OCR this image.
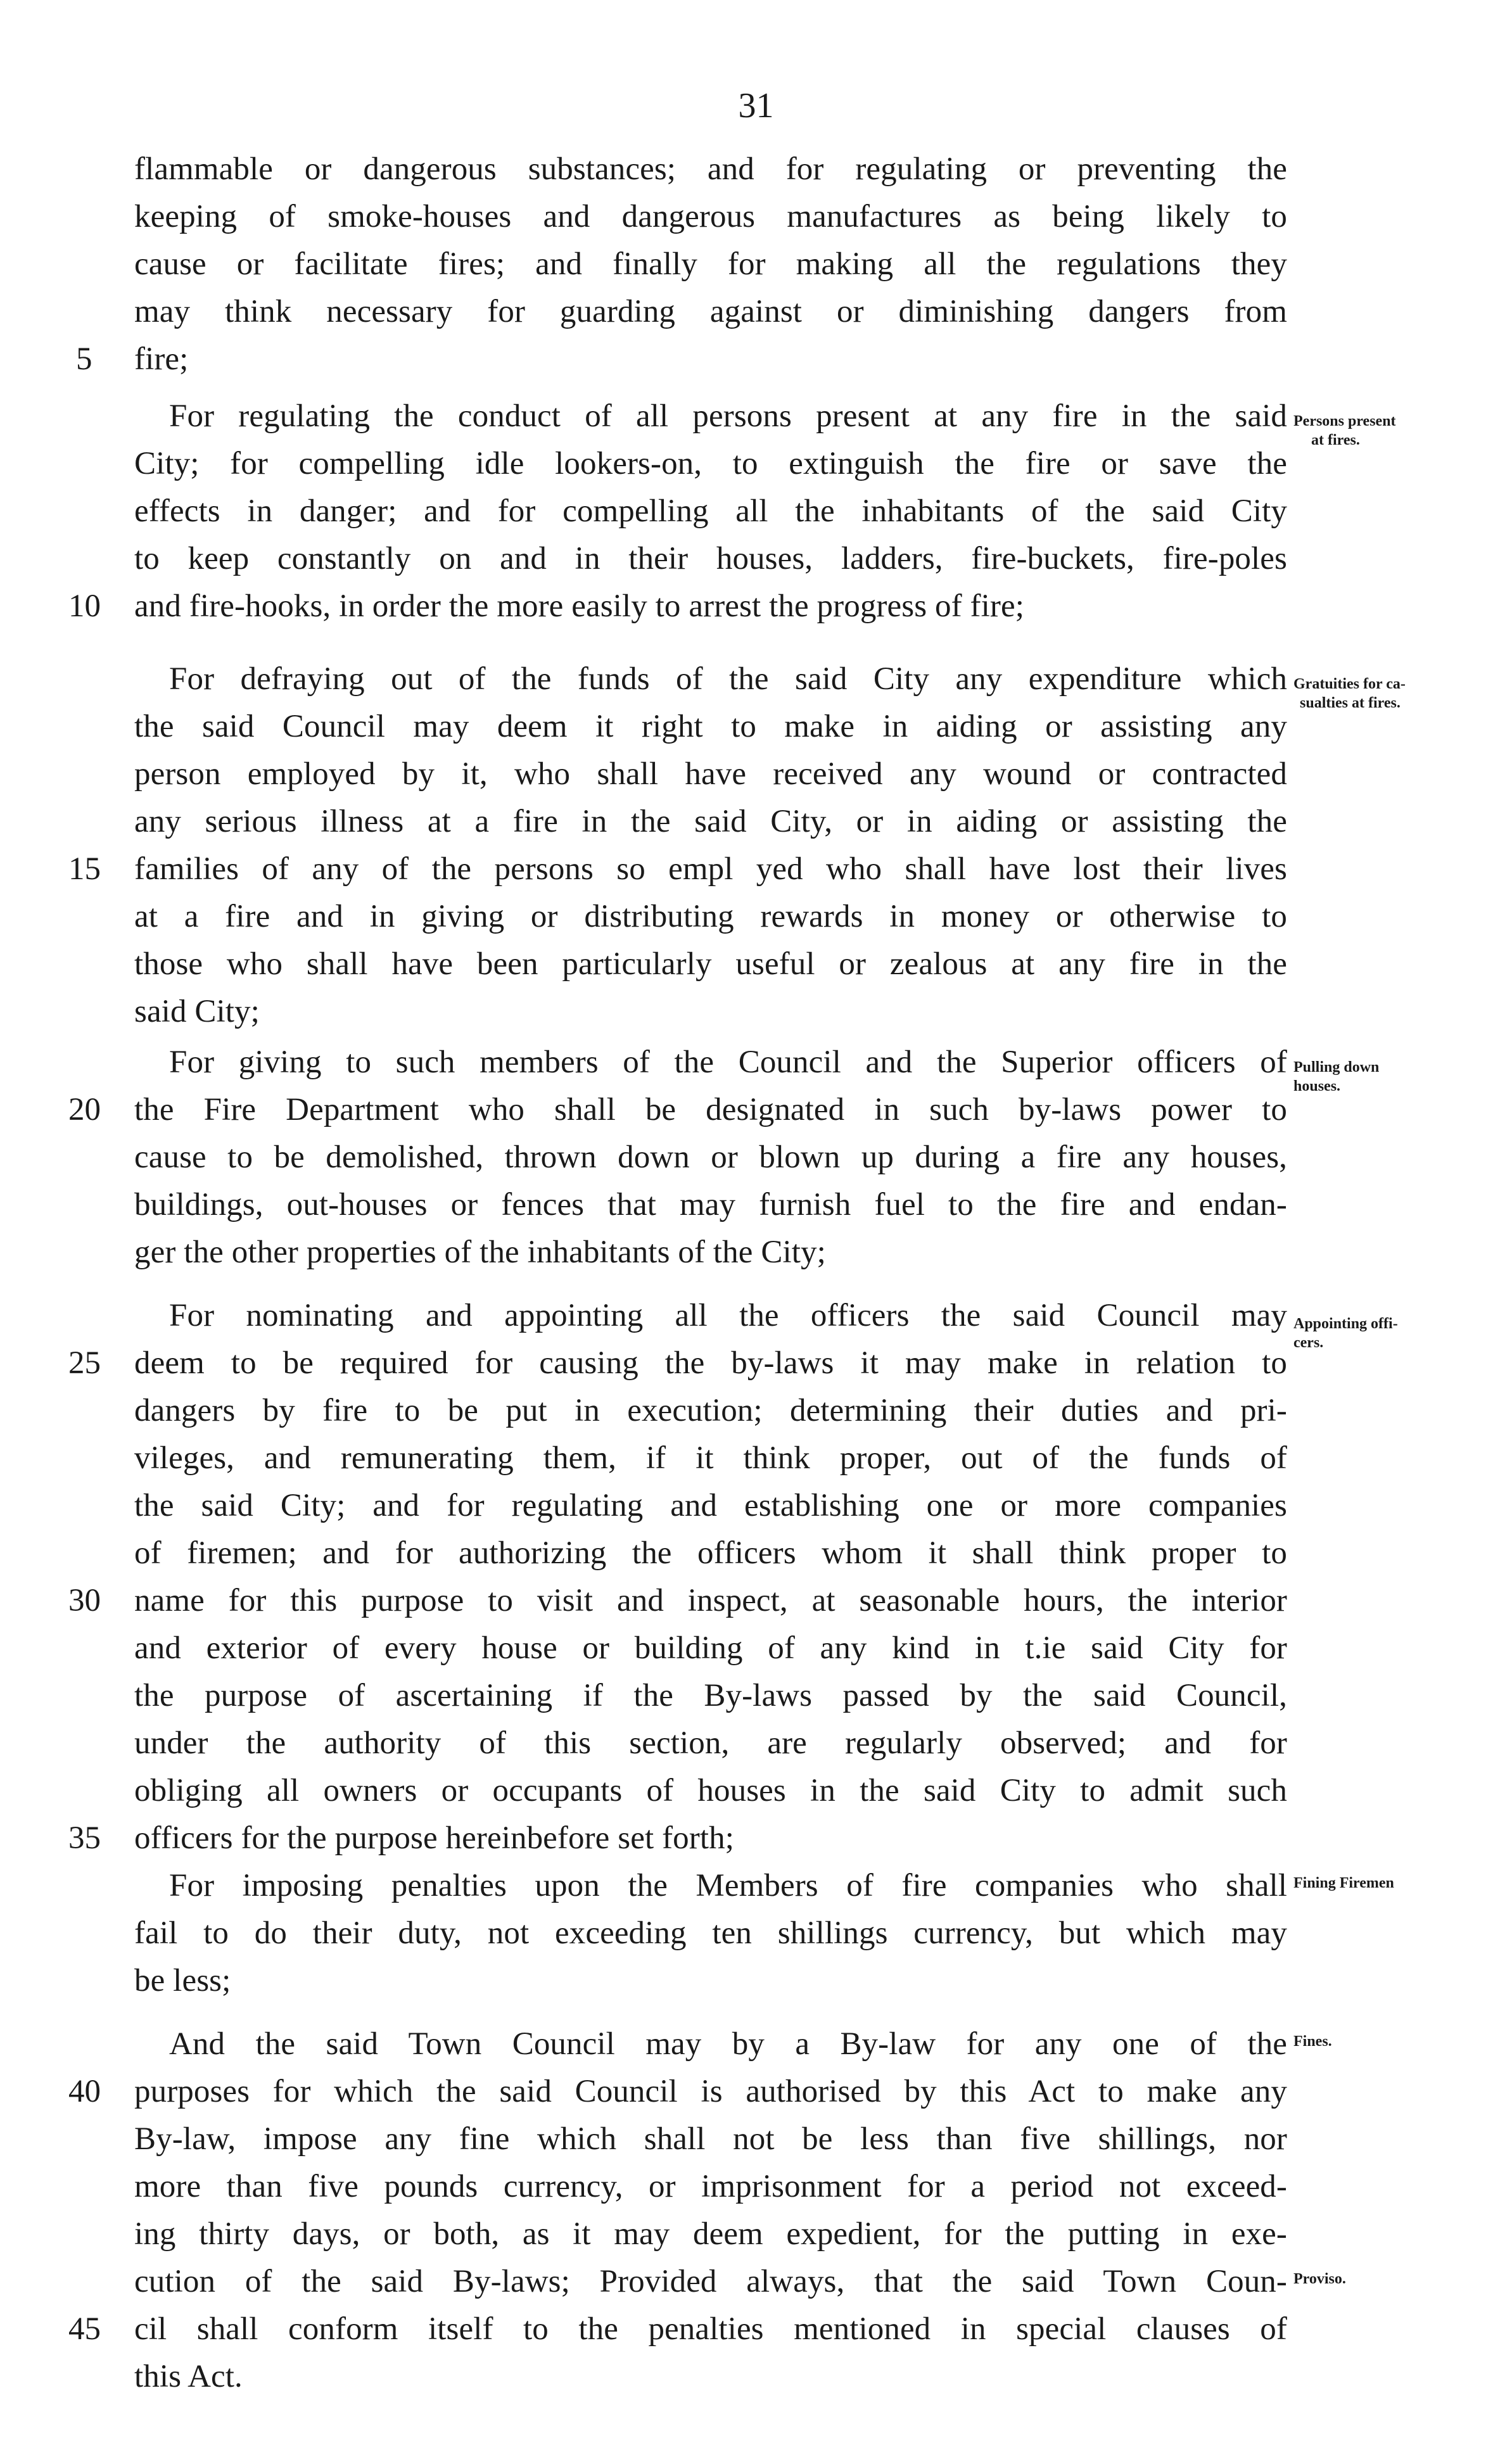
31
flammable or dangerous substances; and for regulating or preventing the
keeping of smoke-houses and dangerous manufactures as being likely to
cause or facilitate fires; and finally for making all the regulations they
may think necessary for guarding against or diminishing dangers from
fire;
For regulating the conduct of all persons present at any fire in the said
City; for compelling idle lookers-on, to extinguish the fire or save the
effects in danger; and for compelling all the inhabitants of the said City
to keep constantly on and in their houses, ladders, fire-buckets, fire-poles
and fire-hooks, in order the more easily to arrest the progress of fire;
For defraying out of the funds of the said City any expenditure which
the said Council may deem it right to make in aiding or assisting any
person employed by it, who shall have received any wound or contracted
any serious illness at a fire in the said City, or in aiding or assisting the
families of any of the persons so empl yed who shall have lost their lives
at a fire and in giving or distributing rewards in money or otherwise to
those who shall have been particularly useful or zealous at any fire in the
said City;
For giving to such members of the Council and the Superior officers of
the Fire Department who shall be designated in such by-laws power to
cause to be demolished, thrown down or blown up during a fire any houses,
buildings, out-houses or fences that may furnish fuel to the fire and endan-
ger the other properties of the inhabitants of the City;
For nominating and appointing all the officers the said Council may
deem to be required for causing the by-laws it may make in relation to
dangers by fire to be put in execution; determining their duties and pri-
vileges, and remunerating them, if it think proper, out of the funds of
the said City; and for regulating and establishing one or more companies
of firemen; and for authorizing the officers whom it shall think proper to
name for this purpose to visit and inspect, at seasonable hours, the interior
and exterior of every house or building of any kind in t.ie said City for
the purpose of ascertaining if the By-laws passed by the said Council,
under the authority of this section, are regularly observed; and for
obliging all owners or occupants of houses in the said City to admit such
officers for the purpose hereinbefore set forth;
For imposing penalties upon the Members of fire companies who shall
fail to do their duty, not exceeding ten shillings currency, but which may
be less;
And the said Town Council may by a By-law for any one of the
purposes for which the said Council is authorised by this Act to make any
By-law, impose any fine which shall not be less than five shillings, nor
more than five pounds currency, or imprisonment for a period not exceed-
ing thirty days, or both, as it may deem expedient, for the putting in exe-
cution of the said By-laws; Provided always, that the said Town Coun-
cil shall conform itself to the penalties mentioned in special clauses of
this Act.
5
10
15
20
25
30
35
40
45
Persons present
at fires.
Gratuities for ca-
sualties at fires.
Pulling down
houses.
Appointing offi-
cers.
Fining Firemen
Fines.
Proviso.
